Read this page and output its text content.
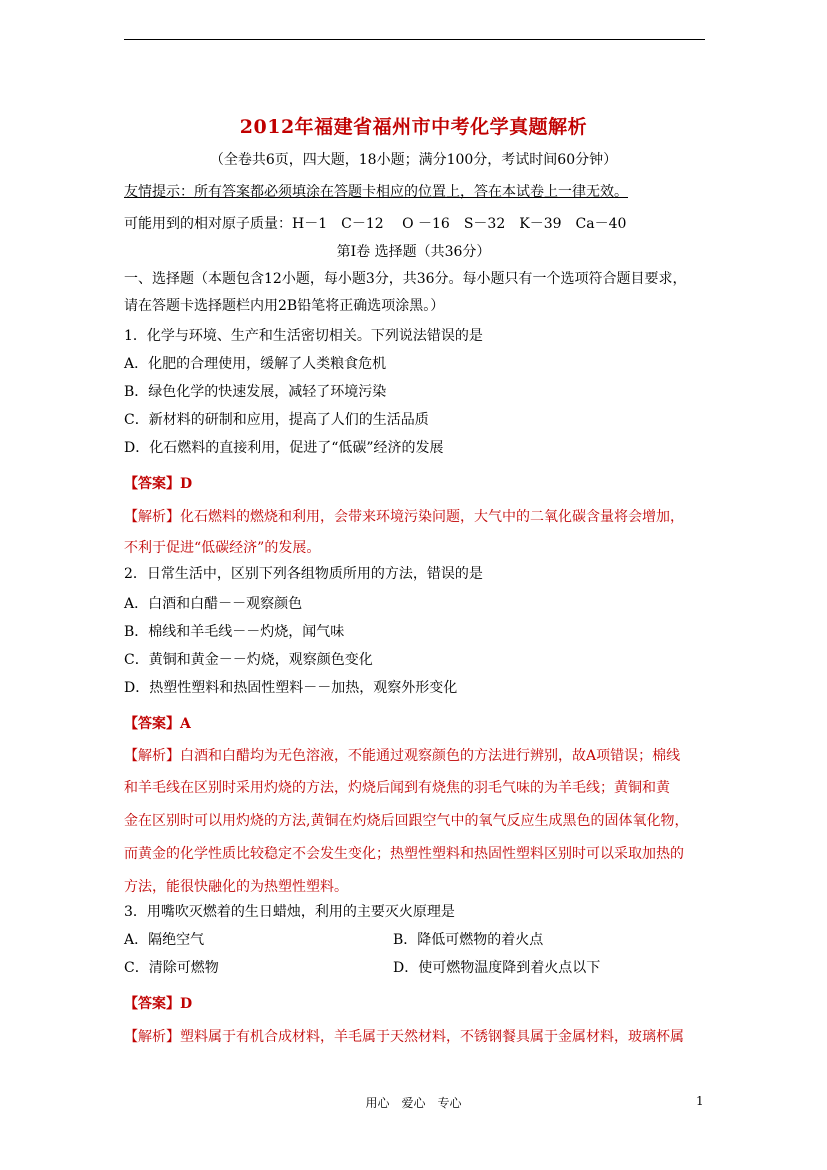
2012年福建省福州市中考化学真题解析
（全卷共6页，四大题，18小题；满分100分，考试时间60分钟）
友情提示：所有答案都必须填涂在答题卡相应的位置上，答在本试卷上一律无效。
可能用到的相对原子质量：H－1　C－12　 O －16　S－32　K－39　Ca－40
第Ⅰ卷 选择题（共36分）
一、选择题（本题包含12小题，每小题3分，共36分。每小题只有一个选项符合题目要求，
请在答题卡选择题栏内用2B铅笔将正确选项涂黑。）
1．化学与环境、生产和生活密切相关。下列说法错误的是
A．化肥的合理使用，缓解了人类粮食危机
B．绿色化学的快速发展，减轻了环境污染
C．新材料的研制和应用，提高了人们的生活品质
D．化石燃料的直接利用，促进了“低碳”经济的发展
【答案】D
【解析】化石燃料的燃烧和利用，会带来环境污染问题，大气中的二氧化碳含量将会增加，
不利于促进“低碳经济”的发展。
2．日常生活中，区别下列各组物质所用的方法，错误的是
A．白酒和白醋－－观察颜色
B．棉线和羊毛线－－灼烧，闻气味
C．黄铜和黄金－－灼烧，观察颜色变化
D．热塑性塑料和热固性塑料－－加热，观察外形变化
【答案】A
【解析】白酒和白醋均为无色溶液，不能通过观察颜色的方法进行辨别，故A项错误；棉线
和羊毛线在区别时采用灼烧的方法，灼烧后闻到有烧焦的羽毛气味的为羊毛线；黄铜和黄
金在区别时可以用灼烧的方法,黄铜在灼烧后回跟空气中的氧气反应生成黑色的固体氧化物，
而黄金的化学性质比较稳定不会发生变化；热塑性塑料和热固性塑料区别时可以采取加热的
方法，能很快融化的为热塑性塑料。
3．用嘴吹灭燃着的生日蜡烛，利用的主要灭火原理是
A．隔绝空气	B．降低可燃物的着火点
C．清除可燃物	D．使可燃物温度降到着火点以下
【答案】D
【解析】塑料属于有机合成材料，羊毛属于天然材料，不锈钢餐具属于金属材料，玻璃杯属
用心　爱心　专心	1
